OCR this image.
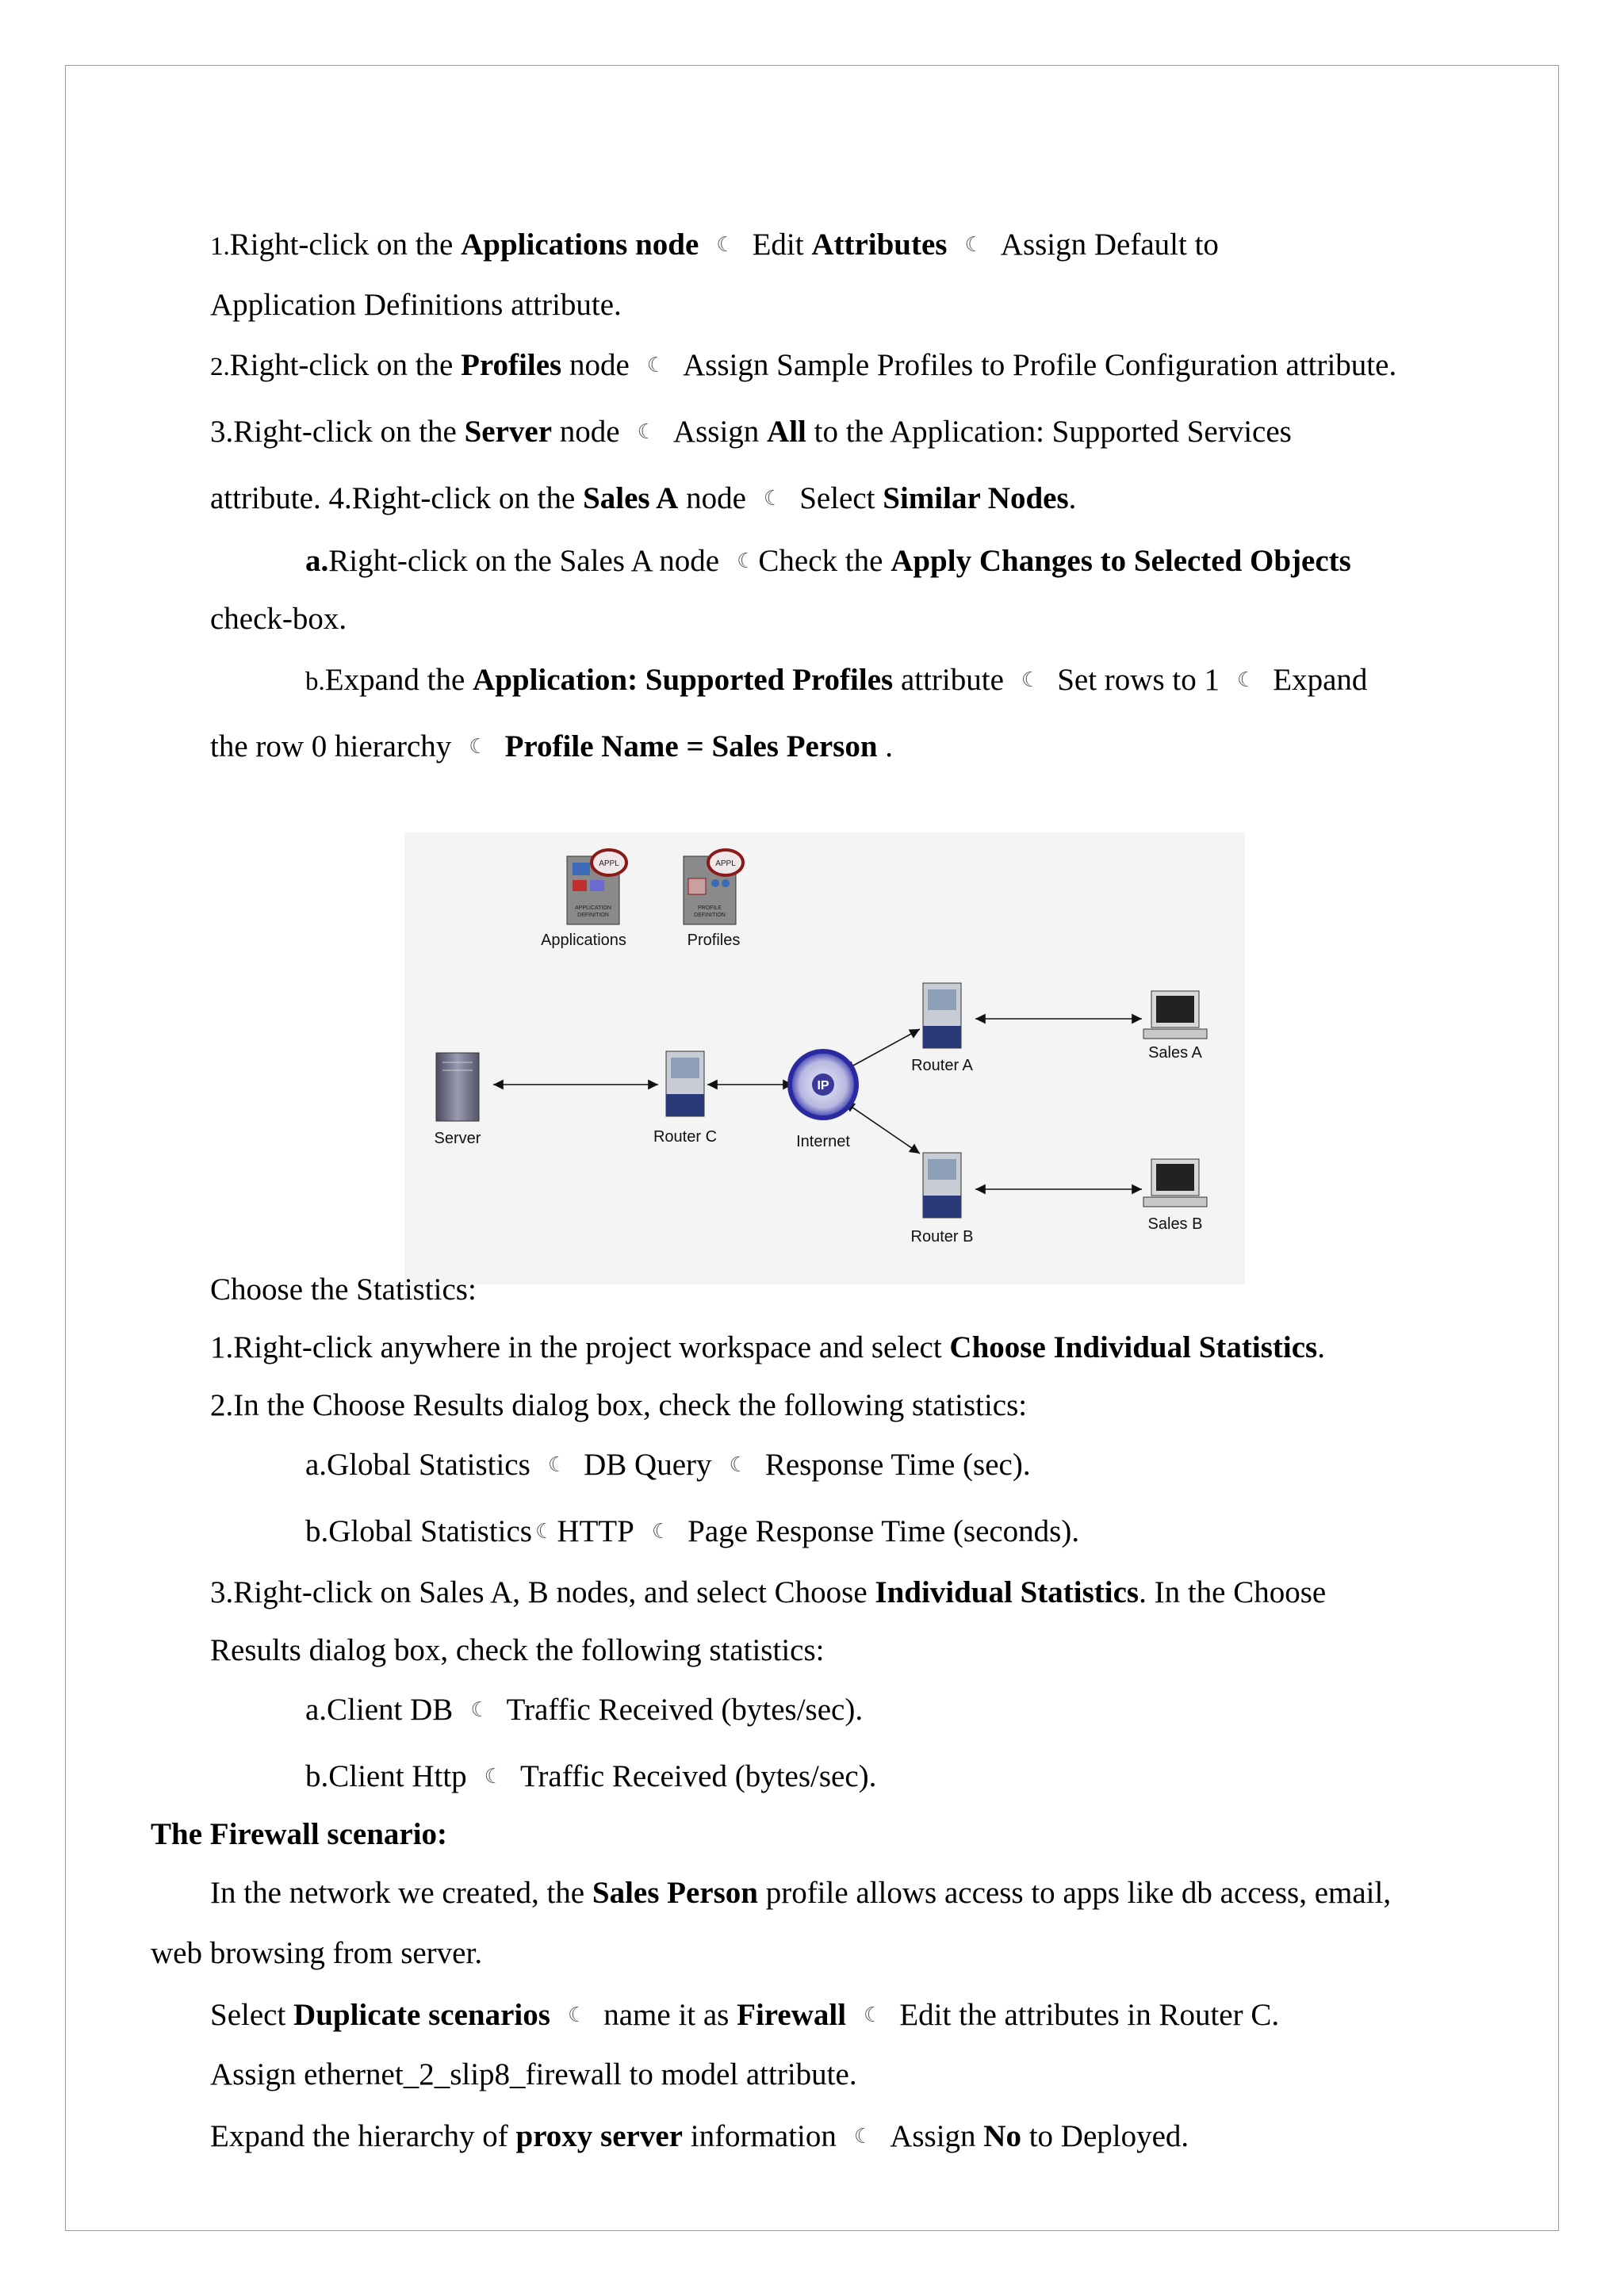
1.Right-click on the Applications node ☾ Edit Attributes ☾ Assign Default to
Application Definitions attribute.
2.Right-click on the Profiles node ☾ Assign Sample Profiles to Profile Configuration attribute.
3.Right-click on the Server node ☾ Assign All to the Application: Supported Services
attribute. 4.Right-click on the Sales A node ☾ Select Similar Nodes.
a.Right-click on the Sales A node ☾ Check the Apply Changes to Selected Objects
check-box.
b.Expand the Application: Supported Profiles attribute ☾ Set rows to 1 ☾ Expand
the row 0 hierarchy ☾ Profile Name = Sales Person .
APPL
APPLICATION
DEFINITION
Applications
APPL
PROFILE
DEFINITION
Profiles
Server	Router C
IP
Internet
Router A
Router B
Sales A
Sales B
Choose the Statistics:
1.Right-click anywhere in the project workspace and select Choose Individual Statistics.
2.In the Choose Results dialog box, check the following statistics:
a.Global Statistics ☾ DB Query ☾ Response Time (sec).
b.Global Statistics ☾ HTTP ☾ Page Response Time (seconds).
3.Right-click on Sales A, B nodes, and select Choose Individual Statistics. In the Choose
Results dialog box, check the following statistics:
a.Client DB ☾ Traffic Received (bytes/sec).
b.Client Http ☾ Traffic Received (bytes/sec).
The Firewall scenario:
In the network we created, the Sales Person profile allows access to apps like db access, email,
web browsing from server.
Select Duplicate scenarios ☾ name it as Firewall ☾ Edit the attributes in Router C.
Assign ethernet_2_slip8_firewall to model attribute.
Expand the hierarchy of proxy server information ☾ Assign No to Deployed.
